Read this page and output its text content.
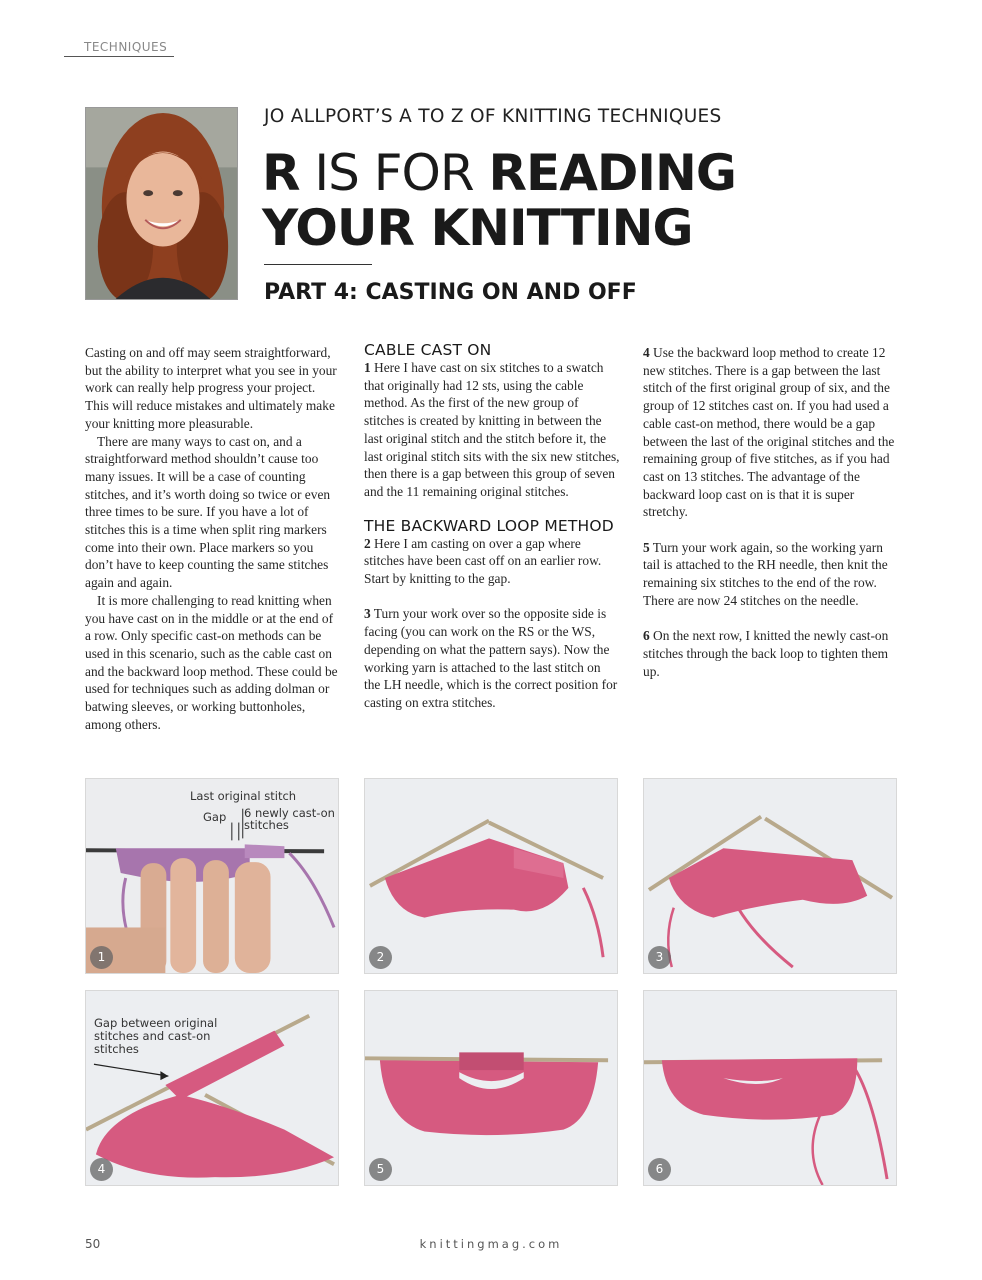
TECHNIQUES
JO ALLPORT’S A TO Z OF KNITTING TECHNIQUES
R IS FOR READING
YOUR KNITTING
PART 4: CASTING ON AND OFF

Casting on and off may seem straightforward, but the ability to interpret what you see in your work can really help progress your project. This will reduce mistakes and ultimately make your knitting more pleasurable.

There are many ways to cast on, and a straightforward method shouldn’t cause too many issues. It will be a case of counting stitches, and it’s worth doing so twice or even three times to be sure. If you have a lot of stitches this is a time when split ring markers come into their own. Place markers so you don’t have to keep counting the same stitches again and again.

It is more challenging to read knitting when you have cast on in the middle or at the end of a row. Only specific cast-on methods can be used in this scenario, such as the cable cast on and the backward loop method. These could be used for techniques such as adding dolman or batwing sleeves, or working buttonholes, among others.

CABLE CAST ON

1 Here I have cast on six stitches to a swatch that originally had 12 sts, using the cable method. As the first of the new group of stitches is created by knitting in between the last original stitch and the stitch before it, the last original stitch sits with the six new stitches, then there is a gap between this group of seven and the 11 remaining original stitches.

THE BACKWARD LOOP METHOD

2 Here I am casting on over a gap where stitches have been cast off on an earlier row. Start by knitting to the gap.

3 Turn your work over so the opposite side is facing (you can work on the RS or the WS, depending on what the pattern says). Now the working yarn is attached to the last stitch on the LH needle, which is the correct position for casting on extra stitches.

4 Use the backward loop method to create 12 new stitches. There is a gap between the last stitch of the first original group of six, and the group of 12 stitches cast on. If you had used a cable cast-on method, there would be a gap between the last of the original stitches and the remaining group of five stitches, as if you had cast on 13 stitches. The advantage of the backward loop cast on is that it is super stretchy.

5 Turn your work again, so the working yarn tail is attached to the RH needle, then knit the remaining six stitches to the end of the row. There are now 24 stitches on the needle.

6 On the next row, I knitted the newly cast-on stitches through the back loop to tighten them up.

Last original stitch
Gap 6 newly cast-on
stitches
1	2	3
Gap between original
stitches and cast-on
stitches
4	5	6
50	knittingmag.com
